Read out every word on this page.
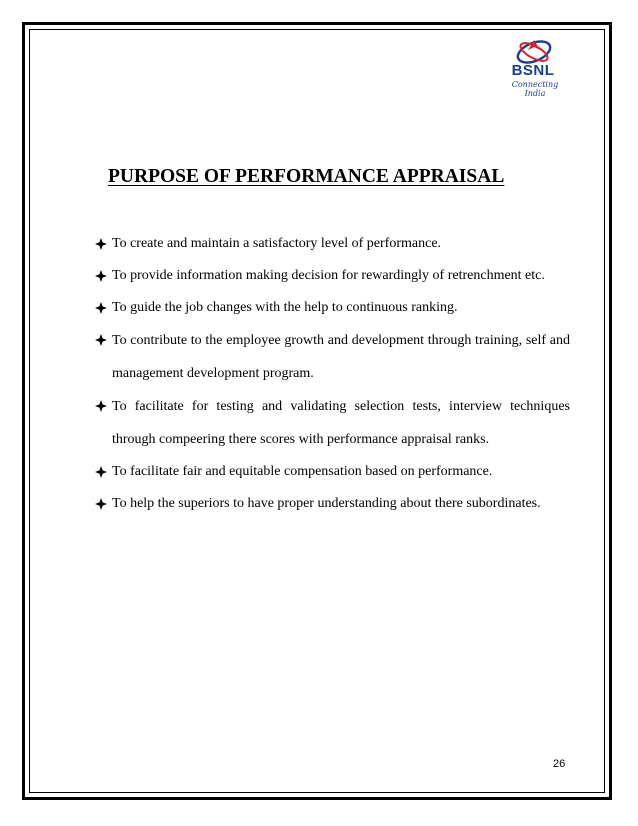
BSNL
Connecting India
PURPOSE OF PERFORMANCE APPRAISAL
To create and maintain a satisfactory level of performance.
To provide information making decision for rewardingly of retrenchment etc.
To guide the job changes with the help to continuous ranking.
To contribute to the employee growth and development through training, self and management development program.
To facilitate for testing and validating selection tests, interview techniques through compeering there scores with performance appraisal ranks.
To facilitate fair and equitable compensation based on performance.
To help the superiors to have proper understanding about there subordinates.
26
